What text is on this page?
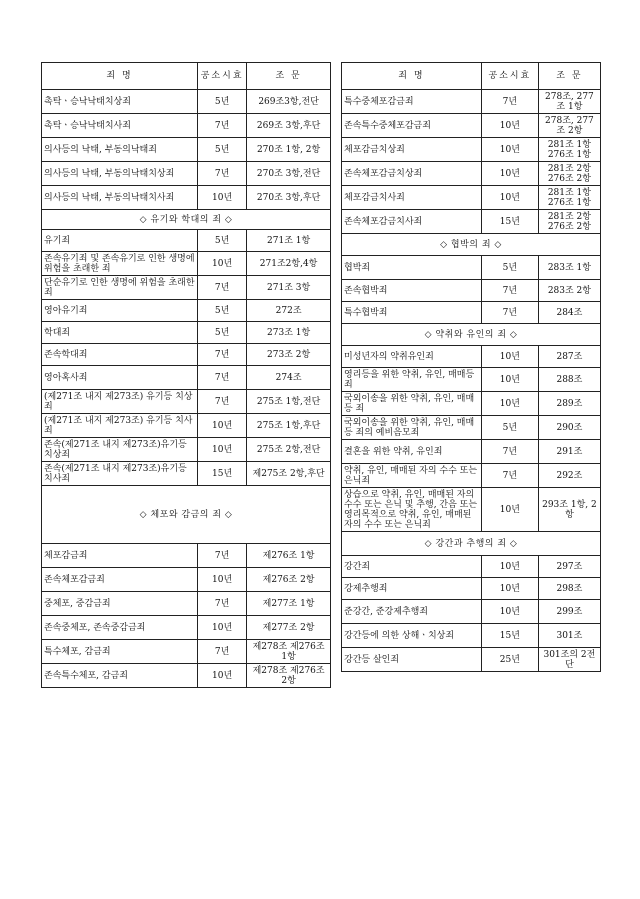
죄 명	공소시효	조 문
촉탁ㆍ승낙낙태치상죄	5년	269조3항,전단
촉탁ㆍ승낙낙태치사죄	7년	269조 3항,후단
의사등의 낙태, 부동의낙태죄	5년	270조 1항, 2항
의사등의 낙태, 부동의낙태치상죄	7년	270조 3항,전단
의사등의 낙태, 부동의낙태치사죄	10년	270조 3항,후단
◇ 유기와 학대의 죄 ◇		
유기죄	5년	271조 1항
존속유기죄 및 존속유기로 인한 생명에 위험을 초래한 죄	10년	271조2항,4항
단순유기로 인한 생명에 위험을 초래한 죄	7년	271조 3항
영아유기죄	5년	272조
학대죄	5년	273조 1항
존속학대죄	7년	273조 2항
영아혹사죄	7년	274조
(제271조 내지 제273조) 유기등 치상죄	7년	275조 1항,전단
(제271조 내지 제273조) 유기등 치사죄	10년	275조 1항,후단
존속(제271조 내지 제273조)유기등 치상죄	10년	275조 2항,전단
존속(제271조 내지 제273조)유기등 치사죄	15년	제275조 2항,후단
◇ 체포와 감금의 죄 ◇		
체포감금죄	7년	제276조 1항
존속체포감금죄	10년	제276조 2항
중체포, 중감금죄	7년	제277조 1항
존속중체포, 존속중감금죄	10년	제277조 2항
특수체포, 감금죄	7년	제278조 제276조 1항
존속특수체포, 감금죄	10년	제278조 제276조 2항
죄 명	공소시효	조 문
특수중체포감금죄	7년	278조, 277조 1항
존속특수중체포감금죄	10년	278조, 277조 2항
체포감금치상죄	10년	281조 1항 276조 1항
존속체포감금치상죄	10년	281조 2항 276조 2항
체포감금치사죄	10년	281조 1항 276조 1항
존속체포감금치사죄	15년	281조 2항 276조 2항
◇ 협박의 죄 ◇		
협박죄	5년	283조 1항
존속협박죄	7년	283조 2항
특수협박죄	7년	284조
◇ 약취와 유인의 죄 ◇		
미성년자의 약취유인죄	10년	287조
영리등을 위한 약취, 유인, 매매등 죄	10년	288조
국외이송을 위한 약취, 유인, 매매등 죄	10년	289조
국외이송을 위한 약취, 유인, 매매등 죄의 예비음모죄	5년	290조
결혼을 위한 약취, 유인죄	7년	291조
약취, 유인, 매매된 자의 수수 또는 은닉죄	7년	292조
상습으로 약취, 유인, 매매된 자의 수수 또는 은닉 및 추행, 간음 또는 영리목적으로 약취, 유인, 매매된 자의 수수 또는 은닉죄	10년	293조 1항, 2항
◇ 강간과 추행의 죄 ◇		
강간죄	10년	297조
강제추행죄	10년	298조
준강간, 준강제추행죄	10년	299조
강간등에 의한 상해ㆍ치상죄	15년	301조
강간등 살인죄	25년	301조의 2전단
